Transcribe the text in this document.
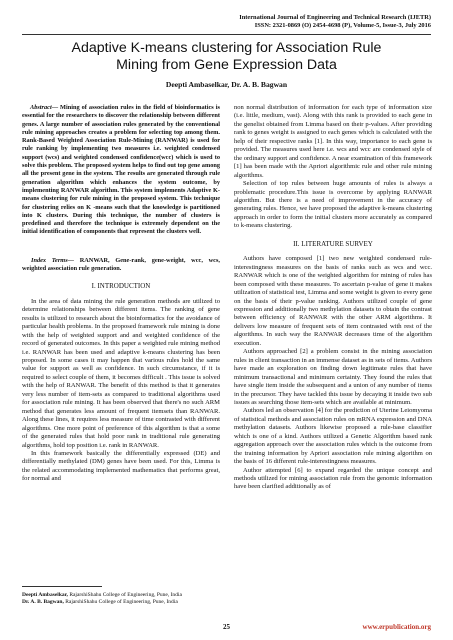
International Journal of Engineering and Technical Research (IJETR)
ISSN: 2321-0869 (O) 2454-4698 (P), Volume-5, Issue-3, July 2016
Adaptive K-means clustering for Association Rule
Mining from Gene Expression Data
Deepti Ambaselkar, Dr. A. B. Bagwan

Abstract— Mining of association rules in the field of bioinformatics is essential for the researchers to discover the relationship between different genes. A large number of association rules generated by the conventional rule mining approaches creates a problem for selecting top among them. Rank-Based Weighted Association Rule-Mining (RANWAR) is used for rule ranking by implementing two measures i.e. weighted condensed support (wcs) and weighted condensed confidence(wcc) which is used to solve this problem. The proposed system helps to find out top gene among all the present gene in the system. The results are generated through rule generation algorithm which enhances the system outcome, by implementing RANWAR algorithm. This system implements Adaptive K-means clustering for rule mining in the proposed system. This technique for clustering relies on K -means such that the knowledge is partitioned into K clusters. During this technique, the number of clusters is predefined and therefore the technique is extremely dependent on the initial identification of components that represent the clusters well.

Index Terms— RANWAR, Gene-rank, gene-weight, wcc, wcs, weighted association rule generation.

I. INTRODUCTION

In the area of data mining the rule generation methods are utilized to determine relationships between different items. The ranking of gene results is utilized to research about the bioinformatics for the avoidance of particular health problems. In the proposed framework rule mining is done with the help of weighted support and and weighted confidence of the record of generated outcomes. In this paper a weighted rule mining method i.e. RANWAR has been used and adaptive k-means clustering has been proposed. In some cases it may happen that various rules hold the same value for support as well as confidence. In such circumstance, if it is required to select couple of them, it becomes difficult . This issue is solved with the help of RANWAR. The benefit of this method is that it generates very less number of item-sets as compared to traditional algorithms used for association rule mining. It has been observed that there's no such ARM method that generates less amount of frequent itemsets than RANWAR. Along these lines, it requires less measure of time contrasted with different algorithms. One more point of preference of this algorithm is that a some of the generated rules that hold poor rank in traditional rule generating algorithms, hold top position i.e. rank in RANWAR.

In this framework basically the differentially expressed (DE) and differentially methylated (DM) genes have been used. For this, Limma is the related accommodating implemented mathematics that performs great, for normal and

non normal distribution of information for each type of information size (i.e. little, medium, vast). Along with this rank is provided to each gene in the genelist obtained from Limma based on their p-values. After providing rank to genes weight is assigned to each genes which is calculated with the help of their respective ranks [1]. In this way, importance to each gene is provided. The measures used here i.e. wcs and wcc are condensed style of the ordinary support and confidence. A near examination of this framework [1] has been made with the Apriori algorithmic rule and other rule mining algorithms.

Selection of top rules between huge amounts of rules is always a problematic procedure.This issue is overcome by applying RANWAR algorithm. But there is a need of improvement in the accuracy of generating rules. Hence, we have proposed the adaptive k-means clustering approach in order to form the initial clusters more accurately as compared to k-means clustering.

II. LITERATURE SURVEY

Authors have composed [1] two new weighted condensed rule-interestingness measures on the basis of ranks such as wcs and wcc. RANWAR which is one of the weighted algorithm for mining of rules has been composed with these measures. To ascertain p-value of gene it makes utilization of statistical test, Limma and some weight is given to every gene on the basis of their p-value ranking. Authors utilized couple of gene expression and additionally two methylation datasets to obtain the contrast between efficiency of RANWAR with the other ARM algorithms. It delivers low measure of frequent sets of item contrasted with rest of the algorithms. In such way the RANWAR decreases time of the algorithm execution.

Authors approached [2] a problem consist in the mining association rules in client transaction in an immense dataset as in sets of items. Authors have made an exploration on finding down legitimate rules that have minimum transactional and minimum certainty. They found the rules that have single item inside the subsequent and a union of any number of items in the precursor. They have tackled this issue by decaying it inside two sub issues as searching those item-sets which are available at minimum.

Authors led an observation [4] for the prediction of Uterine Leiomyoma of statistical methods and association rules on mRNA expression and DNA methylation datasets. Authors likewise proposed a rule-base classifier which is one of a kind. Authors utilized a Genetic Algorithm based rank aggregation approach over the association rules which is the outcome from the training information by Apriori association rule mining algorithm on the basis of 16 different rule-interestingness measures.

Author attempted [6] to expand regarded the unique concept and methods utilized for mining association rule from the genomic information have been clarified additionally as of

Deepti Ambaselkar, RajarshiShahu College of Engineering, Pune, India
Dr. A. B. Bagwan, RajarshiShahu College of Engineering, Pune, India
25	www.erpublication.org
